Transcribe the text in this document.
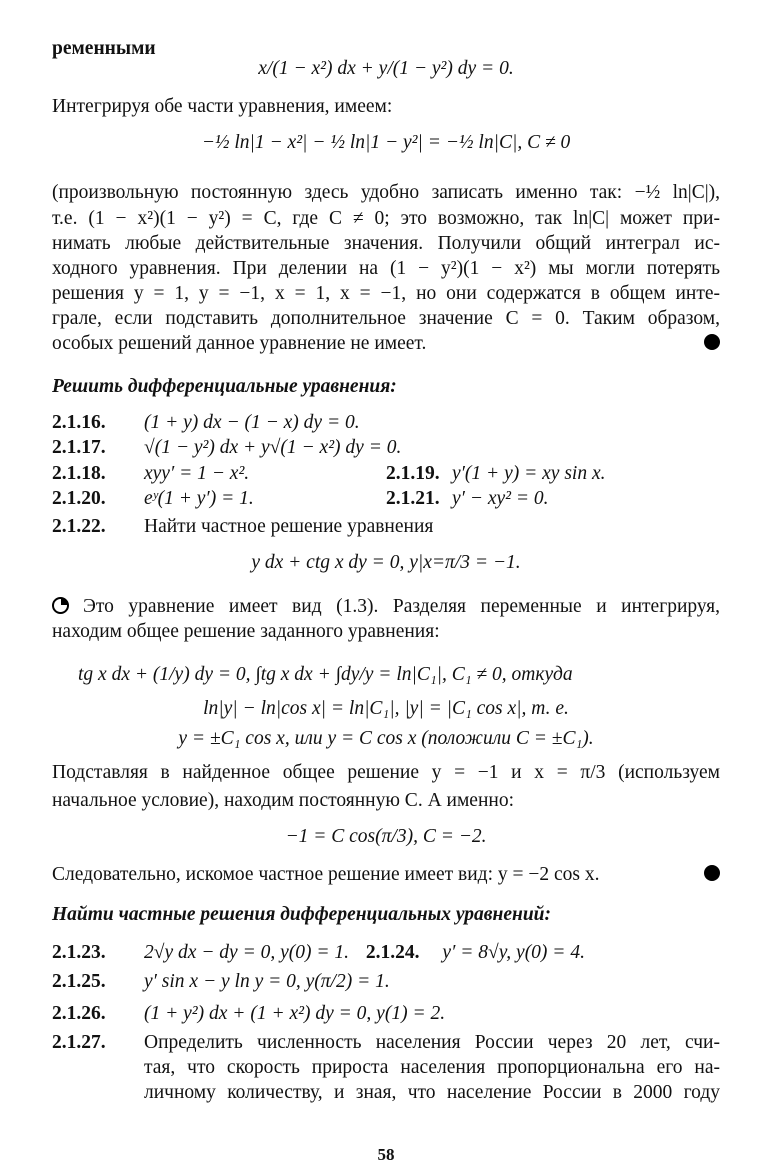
ременными
x/(1 − x²) dx + y/(1 − y²) dy = 0.
Интегрируя обе части уравнения, имеем:
−½ ln|1 − x²| − ½ ln|1 − y²| = −½ ln|C|, C ≠ 0
(произвольную постоянную здесь удобно записать именно так: −½ ln|C|),
т.е. (1 − x²)(1 − y²) = C, где C ≠ 0; это возможно, так ln|C| может при-
нимать любые действительные значения. Получили общий интеграл ис-
ходного уравнения. При делении на (1 − y²)(1 − x²) мы могли потерять
решения y = 1, y = −1, x = 1, x = −1, но они содержатся в общем инте-
грале, если подставить дополнительное значение C = 0. Таким образом,
особых решений данное уравнение не имеет.
Решить дифференциальные уравнения:
2.1.16. (1 + y) dx − (1 − x) dy = 0.
2.1.17. √(1 − y²) dx + y√(1 − x²) dy = 0.
2.1.18. xyy′ = 1 − x².	2.1.19. y′(1 + y) = xy sin x.
2.1.20. eʸ(1 + y′) = 1.	2.1.21. y′ − xy² = 0.
2.1.22. Найти частное решение уравнения
y dx + ctg x dy = 0, y|x=π/3 = −1.
Это уравнение имеет вид (1.3). Разделяя переменные и интегрируя,
находим общее решение заданного уравнения:
tg x dx + (1/y) dy = 0, ∫tg x dx + ∫dy/y = ln|C₁|, C₁ ≠ 0, откуда
ln|y| − ln|cos x| = ln|C₁|, |y| = |C₁ cos x|, т. е.
y = ±C₁ cos x, или y = C cos x (положили C = ±C₁).
Подставляя в найденное общее решение y = −1 и x = π/3 (используем
начальное условие), находим постоянную C. А именно:
−1 = C cos(π/3), C = −2.
Следовательно, искомое частное решение имеет вид: y = −2 cos x.
Найти частные решения дифференциальных уравнений:
2.1.23. 2√y dx − dy = 0, y(0) = 1. 2.1.24. y′ = 8√y, y(0) = 4.
2.1.25. y′ sin x − y ln y = 0, y(π/2) = 1.
2.1.26. (1 + y²) dx + (1 + x²) dy = 0, y(1) = 2.
2.1.27.	Определить численность населения России через 20 лет, счи-
тая, что скорость прироста населения пропорциональна его на-
личному количеству, и зная, что население России в 2000 году
58
